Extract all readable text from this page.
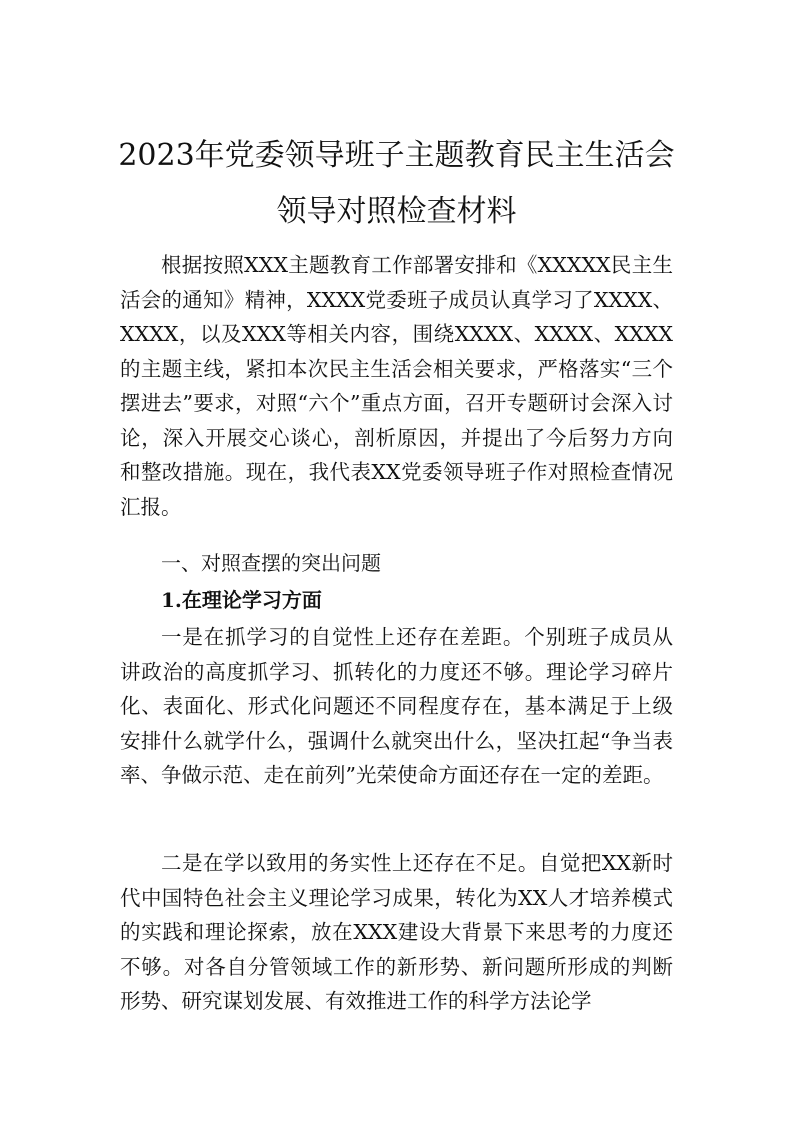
2023年党委领导班子主题教育民主生活会
领导对照检查材料

根据按照XXX主题教育工作部署安排和《XXXXX民主生活会的通知》精神，XXXX党委班子成员认真学习了XXXX、XXXX，以及XXX等相关内容，围绕XXXX、XXXX、XXXX的主题主线，紧扣本次民主生活会相关要求，严格落实“三个摆进去”要求，对照“六个”重点方面，召开专题研讨会深入讨论，深入开展交心谈心，剖析原因，并提出了今后努力方向和整改措施。现在，我代表XX党委领导班子作对照检查情况汇报。

一、对照查摆的突出问题
1.在理论学习方面

一是在抓学习的自觉性上还存在差距。个别班子成员从讲政治的高度抓学习、抓转化的力度还不够。理论学习碎片化、表面化、形式化问题还不同程度存在，基本满足于上级安排什么就学什么，强调什么就突出什么，坚决扛起“争当表率、争做示范、走在前列”光荣使命方面还存在一定的差距。

二是在学以致用的务实性上还存在不足。自觉把XX新时代中国特色社会主义理论学习成果，转化为XX人才培养模式的实践和理论探索，放在XXX建设大背景下来思考的力度还不够。对各自分管领域工作的新形势、新问题所形成的判断形势、研究谋划发展、有效推进工作的科学方法论学
